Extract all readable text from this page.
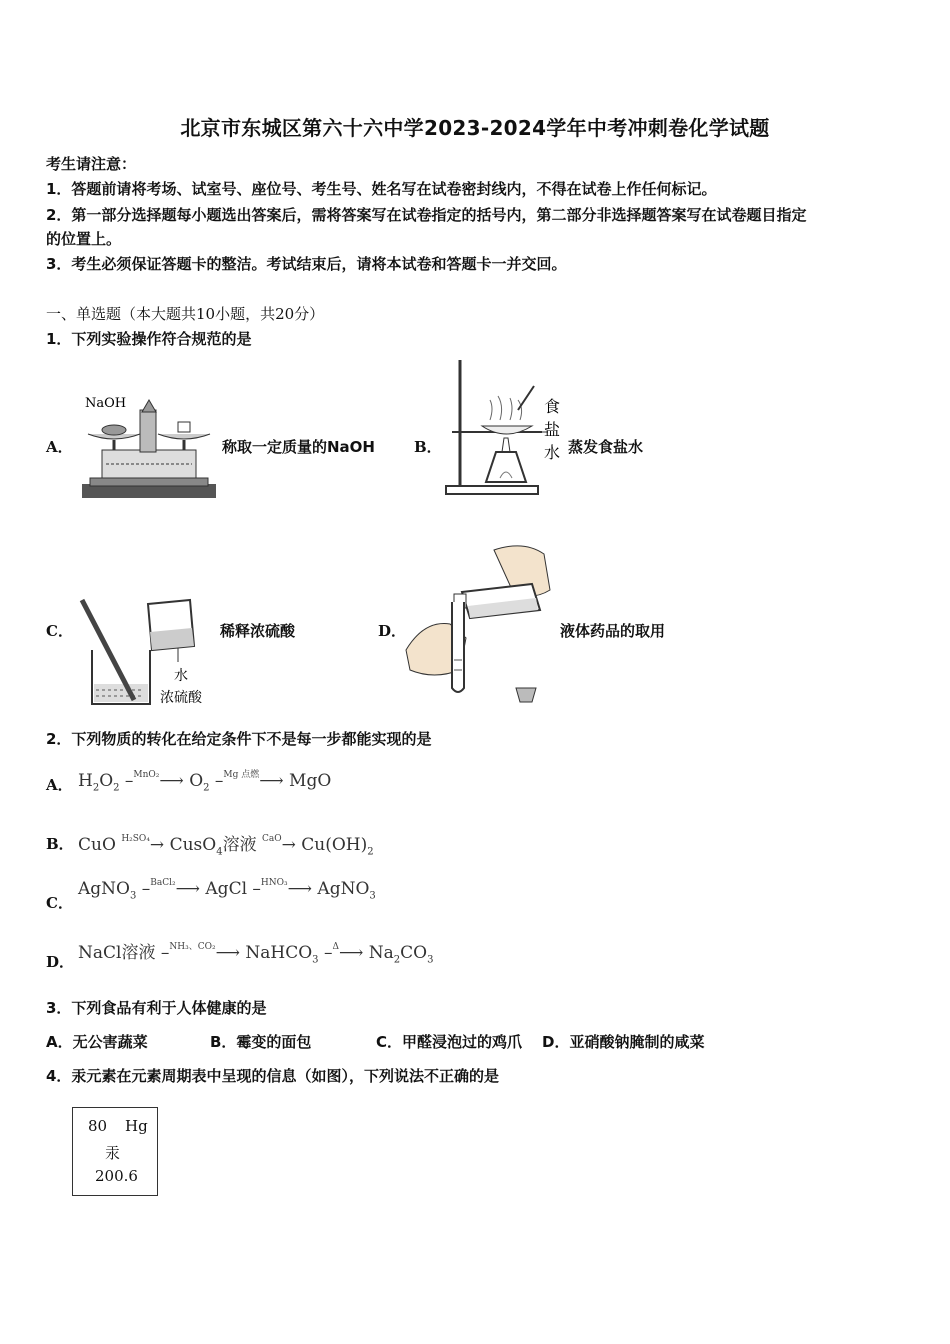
北京市东城区第六十六中学2023-2024学年中考冲刺卷化学试题
考生请注意：
1．答题前请将考场、试室号、座位号、考生号、姓名写在试卷密封线内，不得在试卷上作任何标记。
2．第一部分选择题每小题选出答案后，需将答案写在试卷指定的括号内，第二部分非选择题答案写在试卷题目指定
的位置上。
3．考生必须保证答题卡的整洁。考试结束后，请将本试卷和答题卡一并交回。
一、单选题（本大题共10小题，共20分）
1．下列实验操作符合规范的是
A．
NaOH
称取一定质量的NaOH	B．
食
盐
水 蒸发食盐水
C．
水
浓硫酸
稀释浓硫酸	D．	液体药品的取用
2．下列物质的转化在给定条件下不是每一步都能实现的是
A． $H_2O_2$ –$^{MnO_2}$⟶ $O_2$ –$^{Mg 点燃}$⟶ MgO
B． CuO $^{H_2SO_4}$→ CusO$_4$溶液 $^{CaO}\to Cu(OH)_2$
C．
AgNO$_3$ –$^{BaCl_2}$⟶ AgCl –$^{HNO_3}$⟶ AgNO$_3$
D． NaCl溶液 –$^{NH_3、CO_2}$⟶ NaHCO$_3$ –$^\Delta$⟶ $Na_2CO_3$
3．下列食品有利于人体健康的是
A．无公害蔬菜	B．霉变的面包	C．甲醛浸泡过的鸡爪 D．亚硝酸钠腌制的咸菜
4．汞元素在元素周期表中呈现的信息（如图），下列说法不正确的是
80 Hg
汞
200.6
